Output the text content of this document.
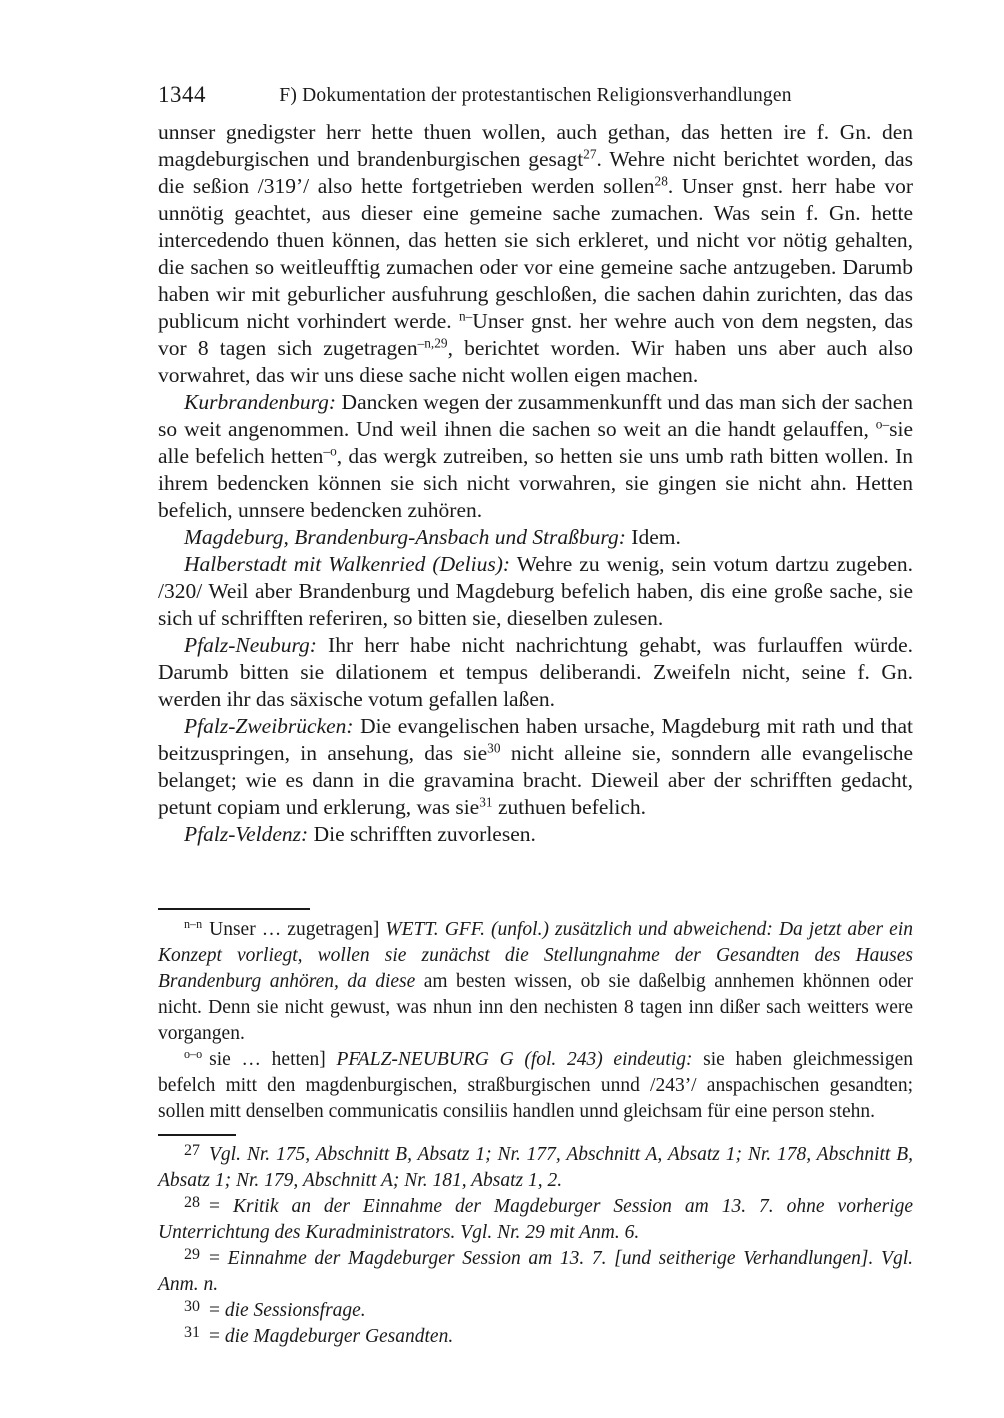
1344	F) Dokumentation der protestantischen Religionsverhandlungen

unnser gnedigster herr hette thuen wollen, auch gethan, das hetten ire f. Gn. den magdeburgischen und brandenburgischen gesagt$^{27}$. Wehre nicht berichtet worden, das die seßion /319’/ also hette fortgetrieben werden sollen$^{28}$. Unser gnst. herr habe vor unnötig geachtet, aus dieser eine gemeine sache zumachen. Was sein f. Gn. hette intercedendo thuen können, das hetten sie sich erkleret, und nicht vor nötig gehalten, die sachen so weitleufftig zumachen oder vor eine gemeine sache antzugeben. Darumb haben wir mit geburlicher ausfuhrung geschloßen, die sachen dahin zurichten, das das publicum nicht vorhindert werde. $^{n-}$Unser gnst. her wehre auch von dem negsten, das vor 8 tagen sich zugetragen$^{-n,29}$, berichtet worden. Wir haben uns aber auch also vorwahret, das wir uns diese sache nicht wollen eigen machen.

Kurbrandenburg: Dancken wegen der zusammenkunfft und das man sich der sachen so weit angenommen. Und weil ihnen die sachen so weit an die handt gelauffen, $^{o-}$sie alle befelich hetten$^{-o}$, das wergk zutreiben, so hetten sie uns umb rath bitten wollen. In ihrem bedencken können sie sich nicht vorwahren, sie gingen sie nicht ahn. Hetten befelich, unnsere bedencken zuhören.

Magdeburg, Brandenburg-Ansbach und Straßburg: Idem.

Halberstadt mit Walkenried (Delius): Wehre zu wenig, sein votum dartzu zugeben. /320/ Weil aber Brandenburg und Magdeburg befelich haben, dis eine große sache, sie sich uf schrifften referiren, so bitten sie, dieselben zulesen.

Pfalz-Neuburg: Ihr herr habe nicht nachrichtung gehabt, was furlauffen würde. Darumb bitten sie dilationem et tempus deliberandi. Zweifeln nicht, seine f. Gn. werden ihr das säxische votum gefallen laßen.

Pfalz-Zweibrücken: Die evangelischen haben ursache, Magdeburg mit rath und that beitzuspringen, in ansehung, das sie$^{30}$ nicht alleine sie, sonndern alle evangelische belanget; wie es dann in die gravamina bracht. Dieweil aber der schrifften gedacht, petunt copiam und erklerung, was sie$^{31}$ zuthuen befelich.

Pfalz-Veldenz: Die schrifften zuvorlesen.

$^{n-n}$ Unser … zugetragen] WETT. GFF. (unfol.) zusätzlich und abweichend: Da jetzt aber ein Konzept vorliegt, wollen sie zunächst die Stellungnahme der Gesandten des Hauses Brandenburg anhören, da diese am besten wissen, ob sie daßelbig annhemen khönnen oder nicht. Denn sie nicht gewust, was nhun inn den nechisten 8 tagen inn dißer sach weitters were vorgangen.

$^{o-o}$ sie … hetten] PFALZ-NEUBURG G (fol. 243) eindeutig: sie haben gleichmessigen befelch mitt den magdenburgischen, straßburgischen unnd /243’/ anspachischen gesandten; sollen mitt denselben communicatis consiliis handlen unnd gleichsam für eine person stehn.

$^{27}$ Vgl. Nr. 175, Abschnitt B, Absatz 1; Nr. 177, Abschnitt A, Absatz 1; Nr. 178, Abschnitt B, Absatz 1; Nr. 179, Abschnitt A; Nr. 181, Absatz 1, 2.

$^{28}$ = Kritik an der Einnahme der Magdeburger Session am 13. 7. ohne vorherige Unterrichtung des Kuradministrators. Vgl. Nr. 29 mit Anm. 6.

$^{29}$ = Einnahme der Magdeburger Session am 13. 7. [und seitherige Verhandlungen]. Vgl. Anm. n.

$^{30}$ = die Sessionsfrage.

$^{31}$ = die Magdeburger Gesandten.
